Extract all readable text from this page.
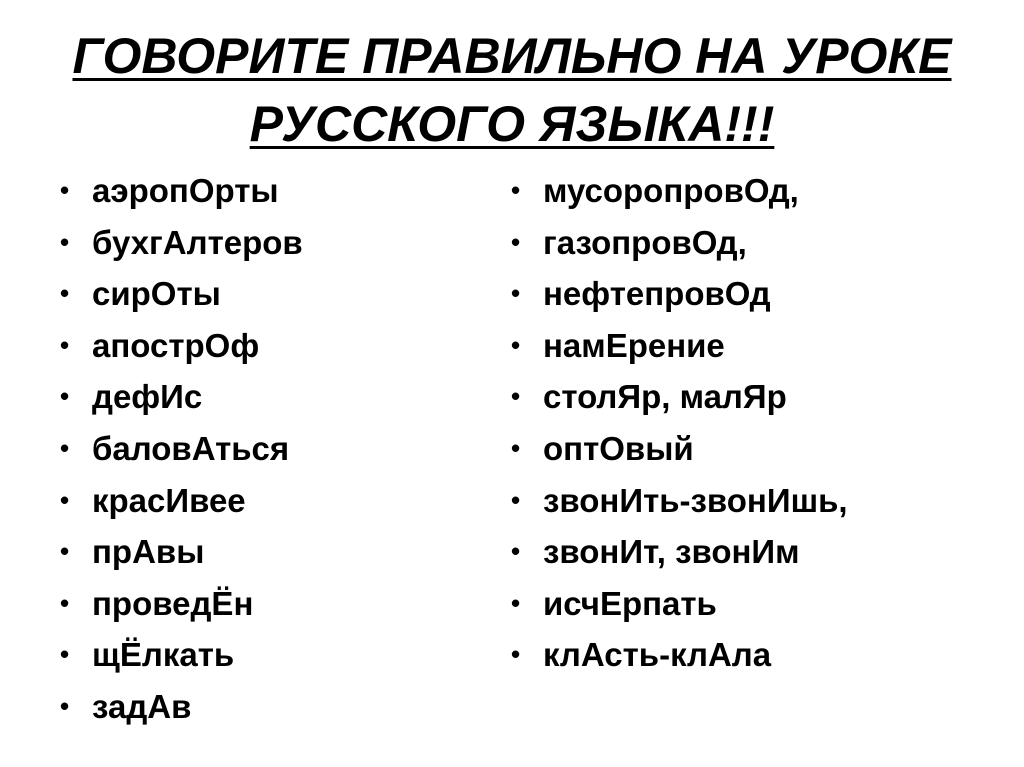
ГОВОРИТЕ ПРАВИЛЬНО НА УРОКЕ
РУССКОГО ЯЗЫКА!!!
• аэропОрты
• бухгАлтеров
• сирОты
• апострОф
• дефИс
• баловАться
• красИвее
• прАвы
• проведЁн
• щЁлкать
• задАв
• мусоропровОд,
• газопровОд,
• нефтепровОд
• намЕрение
• столЯр, малЯр
• оптОвый
• звонИть-звонИшь,
• звонИт, звонИм
• исчЕрпать
• клАсть-клАла
